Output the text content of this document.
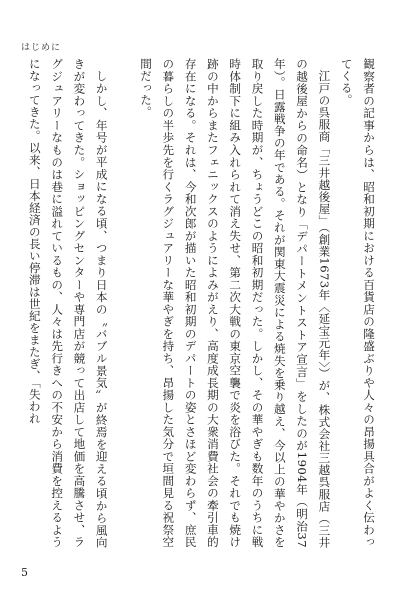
はじめに

観察者の記事からは、昭和初期における百貨店の隆盛ぶりや人々の昂揚具合がよく伝わってくる。

江戸の呉服商「三井越後屋」（創業1673年〈延宝元年〉）が、株式会社三越呉服店（三井の越後屋からの命名）となり「デパートメントストア宣言」をしたのが1904年（明治37年）。日露戦争の年である。それが関東大震災による焼失を乗り越え、今以上の華やかさを取り戻した時期が、ちょうどこの昭和初期だった。しかし、その華やぎも数年のうちに戦時体制下に組み入れられて消え失せ、第二次大戦の東京空襲で炎を浴びた。それでも焼け跡の中からまたフェニックスのようによみがえり、高度成長期の大衆消費社会の牽引車的存在になる。それは、今和次郎が描いた昭和初期のデパートの姿とさほど変わらず、庶民の暮らしの半歩先を行くラグジュアリーな華やぎを持ち、昂揚した気分で垣間見る祝祭空間だった。

しかし、年号が平成になる頃、つまり日本の〝バブル景気〟が終焉を迎える頃から風向きが変わってきた。ショッピングセンターや専門店が競って出店して地価を高騰させ、ラグジュアリーなものは巷に溢れているもの、人々は先行きへの不安から消費を控えるようになってきた。以来、日本経済の長い停滞は世紀をまたぎ、「失われ

5
